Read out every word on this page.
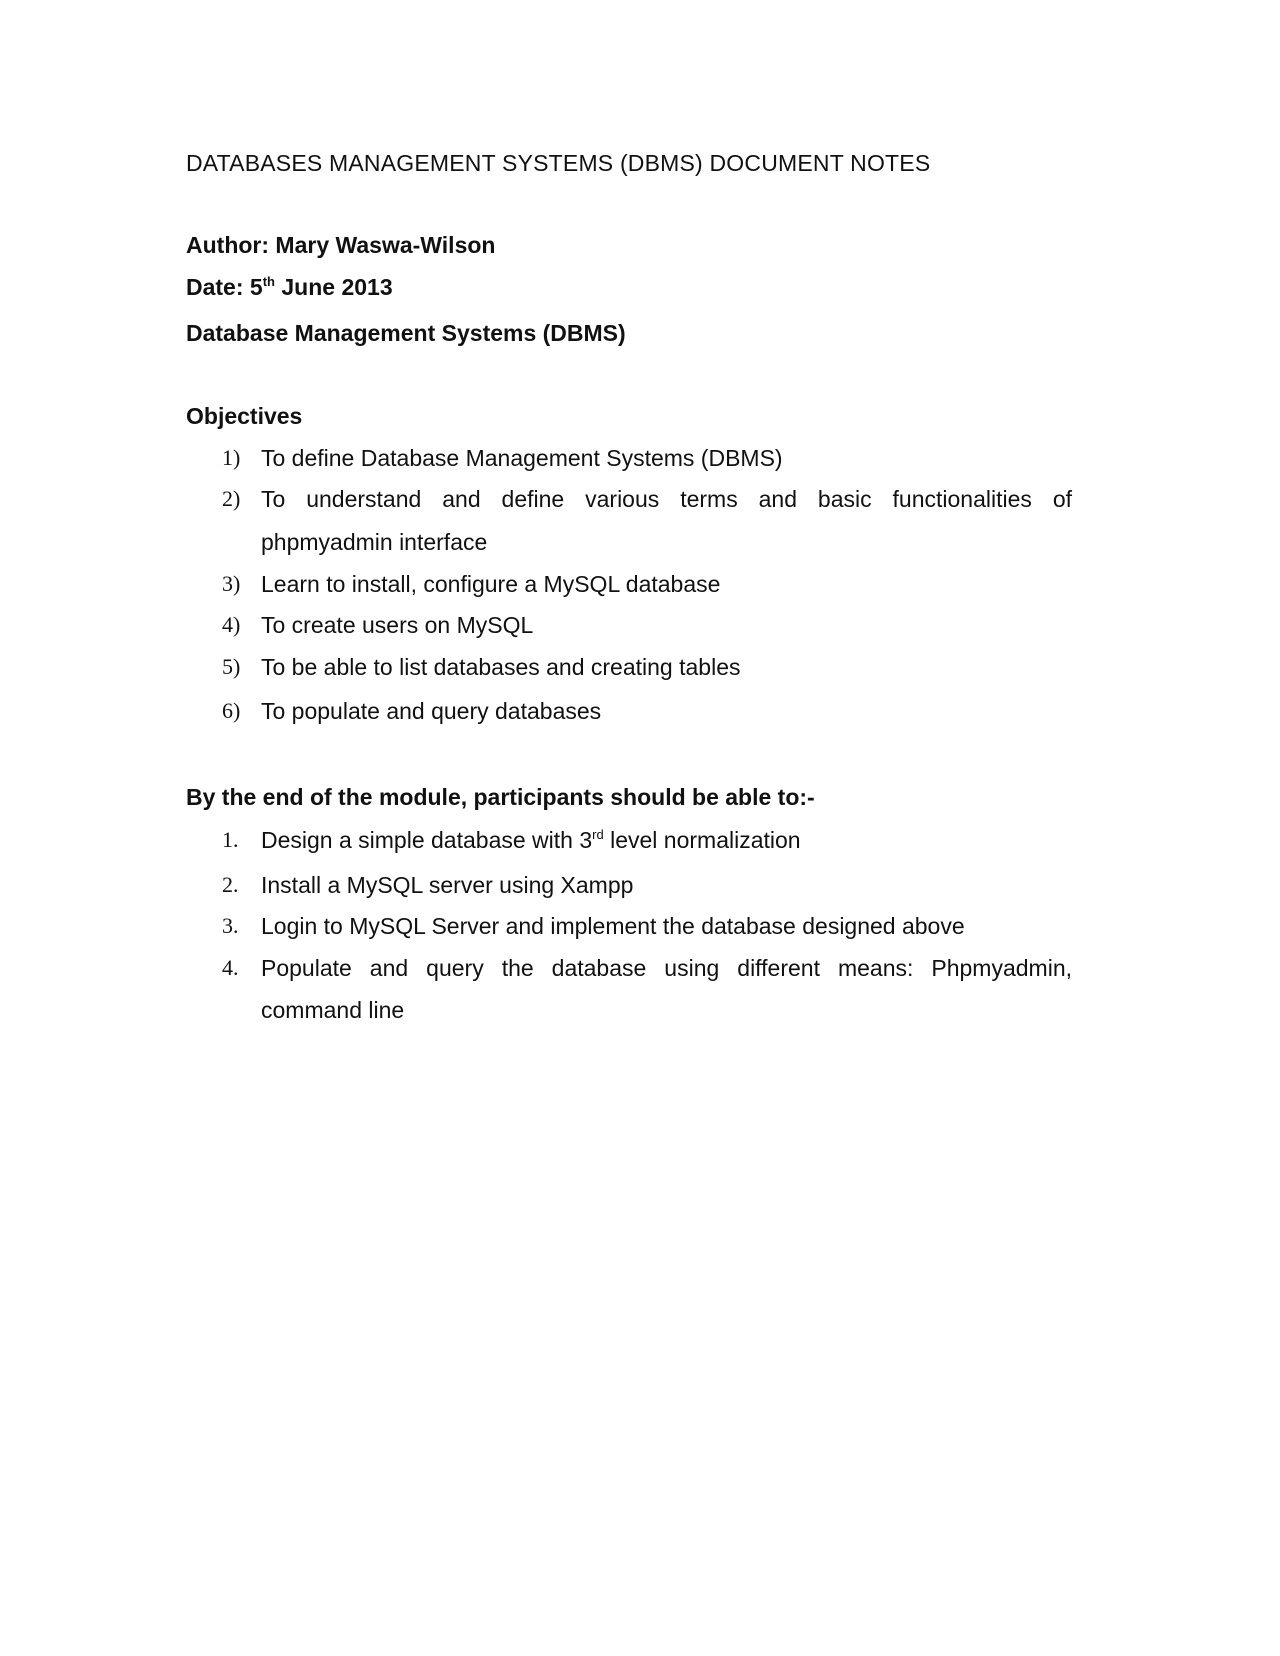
DATABASES MANAGEMENT SYSTEMS (DBMS) DOCUMENT NOTES
Author: Mary Waswa-Wilson
Date: 5th June 2013
Database Management Systems (DBMS)
Objectives
1) To define Database Management Systems (DBMS)
2) To understand and define various terms and basic functionalities of
phpmyadmin interface
3) Learn to install, configure a MySQL database
4) To create users on MySQL
5) To be able to list databases and creating tables
6) To populate and query databases
By the end of the module, participants should be able to:-
1. Design a simple database with 3rd level normalization
2. Install a MySQL server using Xampp
3. Login to MySQL Server and implement the database designed above
4. Populate and query the database using different means: Phpmyadmin,
command line
